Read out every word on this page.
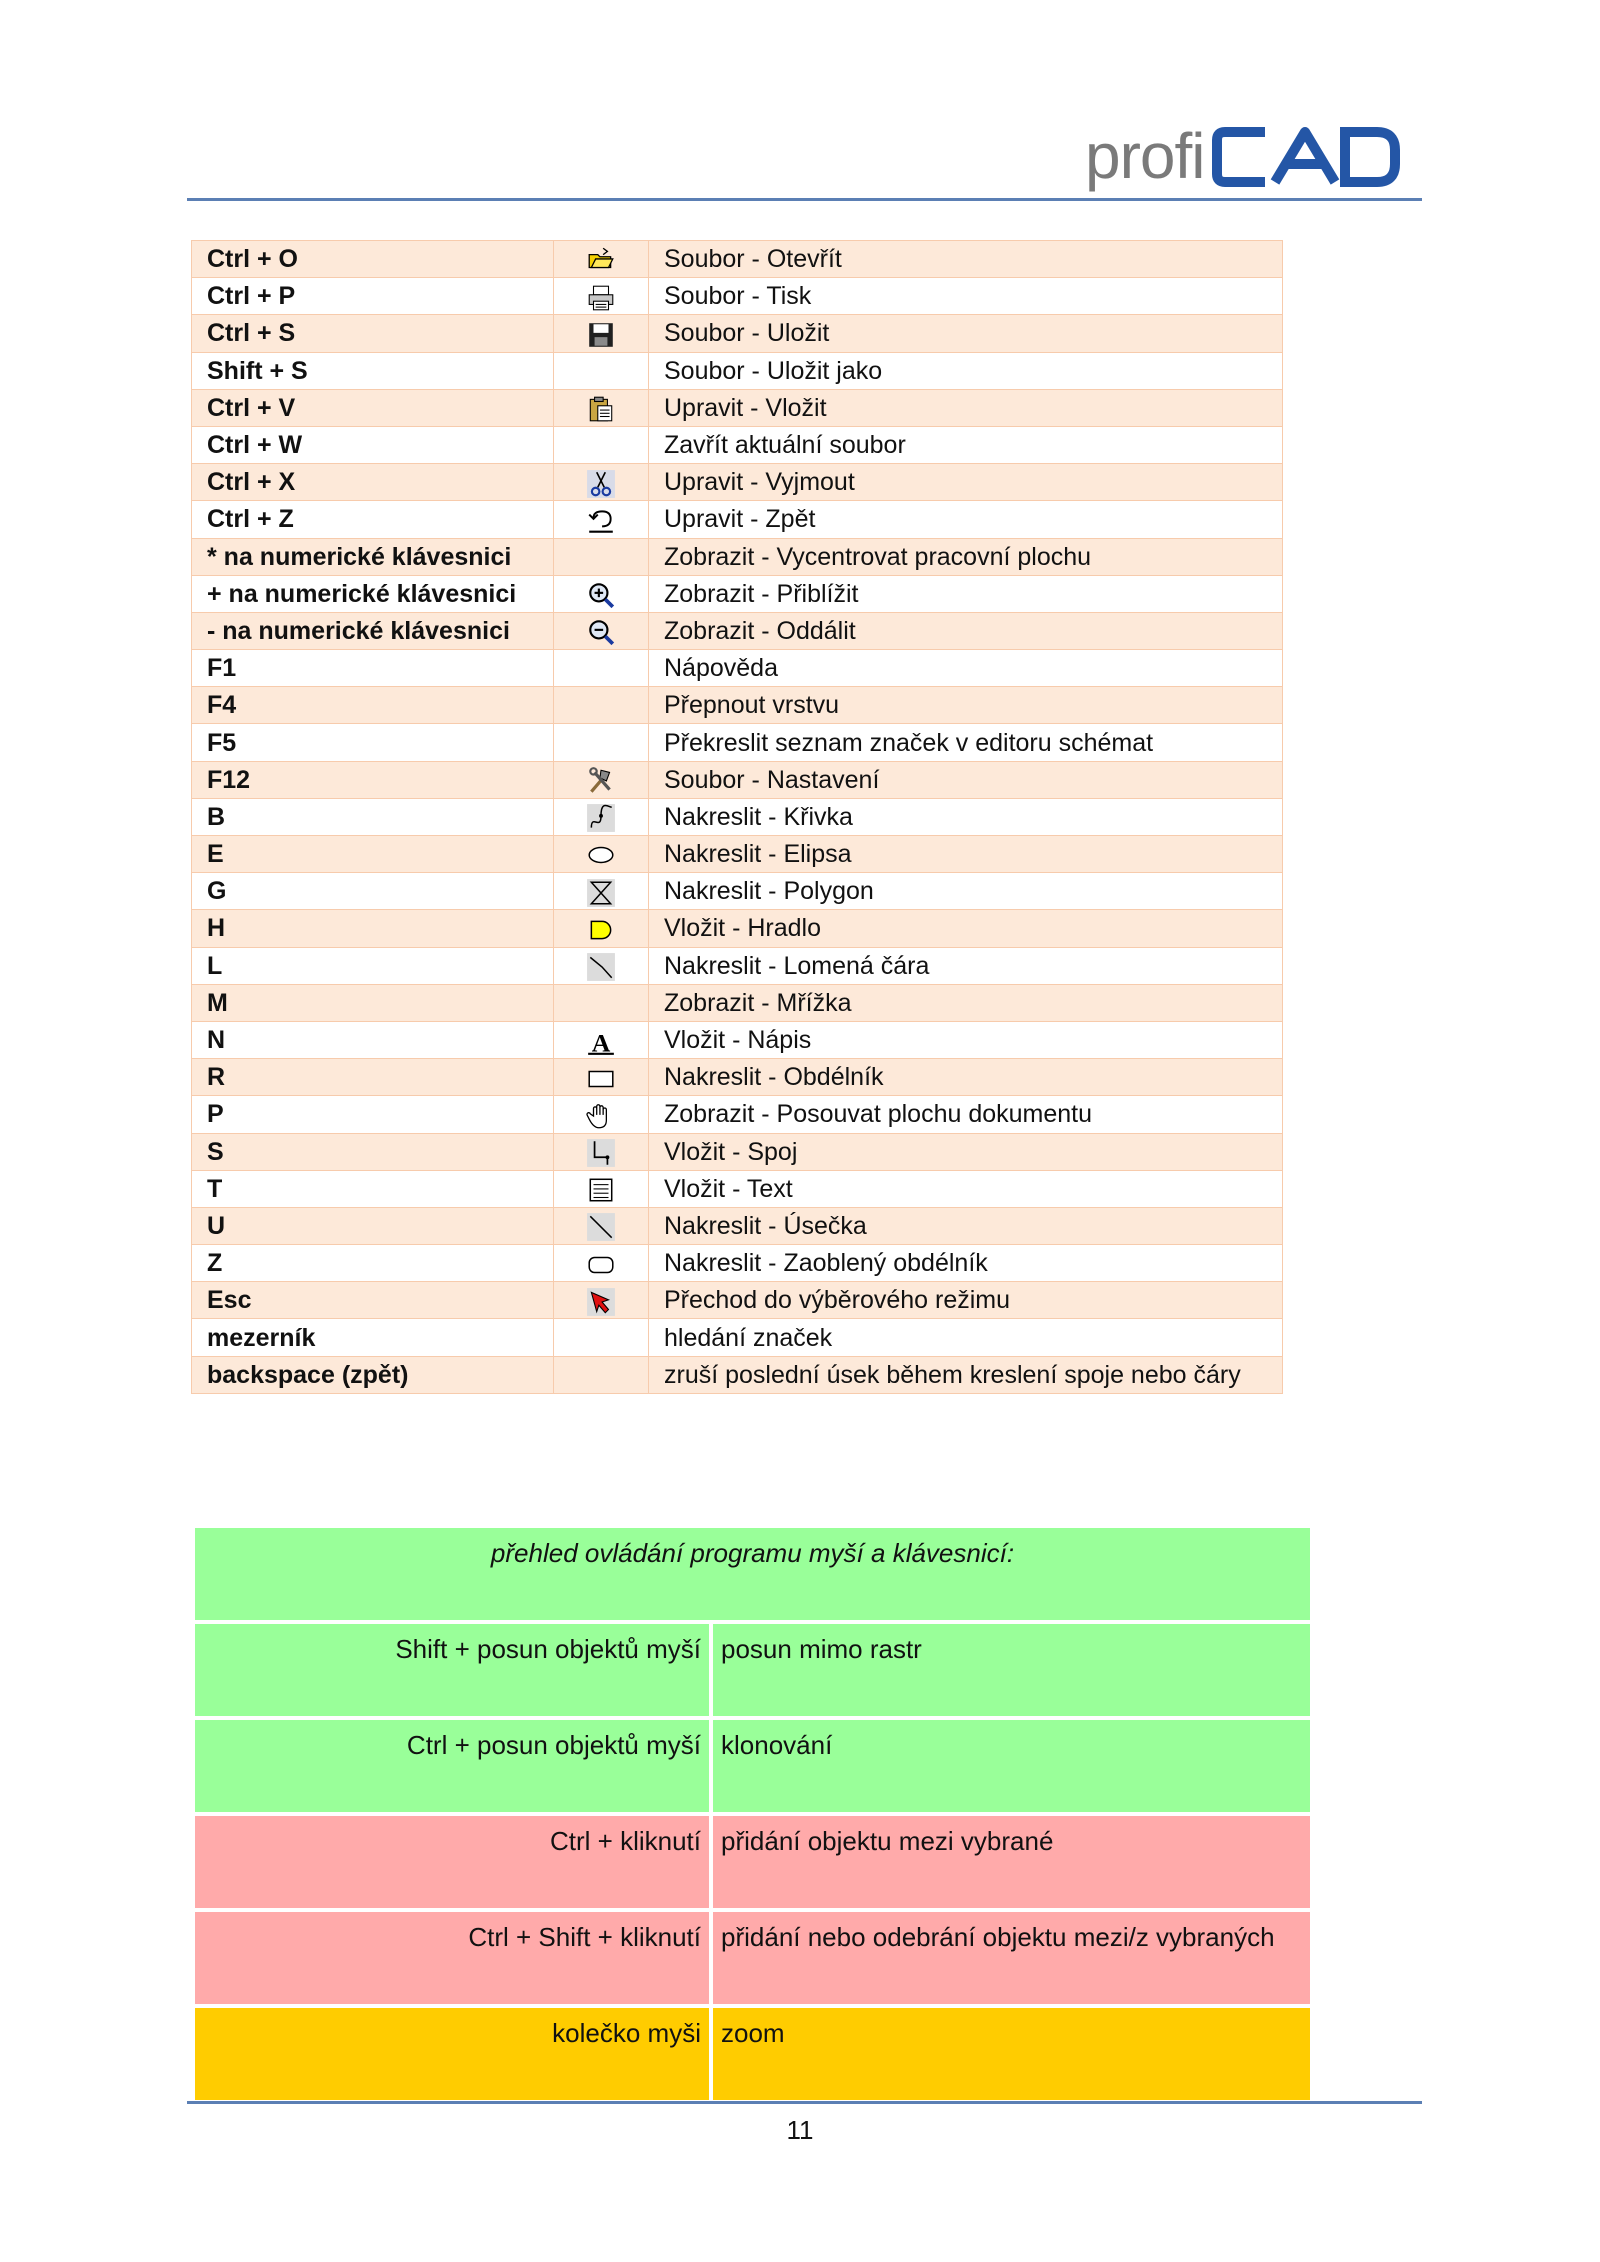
profi
Ctrl + O		Soubor - Otevřít
Ctrl + P		Soubor - Tisk
Ctrl + S		Soubor - Uložit
Shift + S		Soubor - Uložit jako
Ctrl + V		Upravit - Vložit
Ctrl + W		Zavřít aktuální soubor
Ctrl + X		Upravit - Vyjmout
Ctrl + Z		Upravit - Zpět
* na numerické klávesnici		Zobrazit - Vycentrovat pracovní plochu
+ na numerické klávesnici		Zobrazit - Přiblížit
- na numerické klávesnici		Zobrazit - Oddálit
F1		Nápověda
F4		Přepnout vrstvu
F5		Překreslit seznam značek v editoru schémat
F12		Soubor - Nastavení
B		Nakreslit - Křivka
E		Nakreslit - Elipsa
G		Nakreslit - Polygon
H		Vložit - Hradlo
L		Nakreslit - Lomená čára
M		Zobrazit - Mřížka
N	A	Vložit - Nápis
R		Nakreslit - Obdélník
P		Zobrazit - Posouvat plochu dokumentu
S		Vložit - Spoj
T		Vložit - Text
U		Nakreslit - Úsečka
Z		Nakreslit - Zaoblený obdélník
Esc		Přechod do výběrového režimu
mezerník		hledání značek
backspace (zpět)		zruší poslední úsek během kreslení spoje nebo čáry
přehled ovládání programu myší a klávesnicí:	
Shift + posun objektů myší	posun mimo rastr
Ctrl + posun objektů myší	klonování
Ctrl + kliknutí	přidání objektu mezi vybrané
Ctrl + Shift + kliknutí	přidání nebo odebrání objektu mezi/z vybraných
kolečko myši	zoom
11
